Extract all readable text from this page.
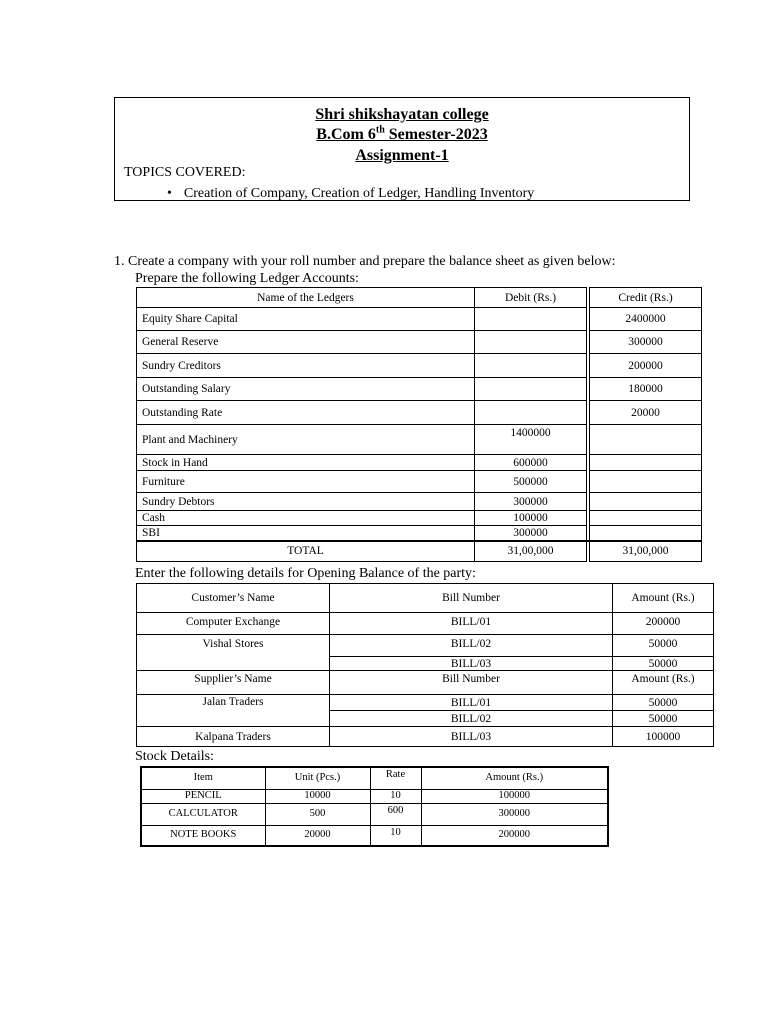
Shri shikshayatan college
B.Com 6th Semester-2023
Assignment-1
TOPICS COVERED:
• Creation of Company, Creation of Ledger, Handling Inventory
1. Create a company with your roll number and prepare the balance sheet as given below:
Prepare the following Ledger Accounts:
Name of the Ledgers	Debit (Rs.)		Credit (Rs.)
Equity Share Capital			2400000
General Reserve			300000
Sundry Creditors			200000
Outstanding Salary			180000
Outstanding Rate			20000
Plant and Machinery	1400000		
Stock in Hand	600000		
Furniture	500000		
Sundry Debtors	300000		
Cash	100000		
SBI	300000		
TOTAL	31,00,000		31,00,000
Enter the following details for Opening Balance of the party:
Customer’s Name	Bill Number	Amount (Rs.)
Computer Exchange	BILL/01	200000
Vishal Stores	BILL/02	50000
	BILL/03	50000
Supplier’s Name	Bill Number	Amount (Rs.)
Jalan Traders	BILL/01	50000
	BILL/02	50000
Kalpana Traders	BILL/03	100000
Stock Details:
Item	Unit (Pcs.)	Rate	Amount (Rs.)
PENCIL	10000	10	100000
CALCULATOR	500	600	300000
NOTE BOOKS	20000	10	200000
